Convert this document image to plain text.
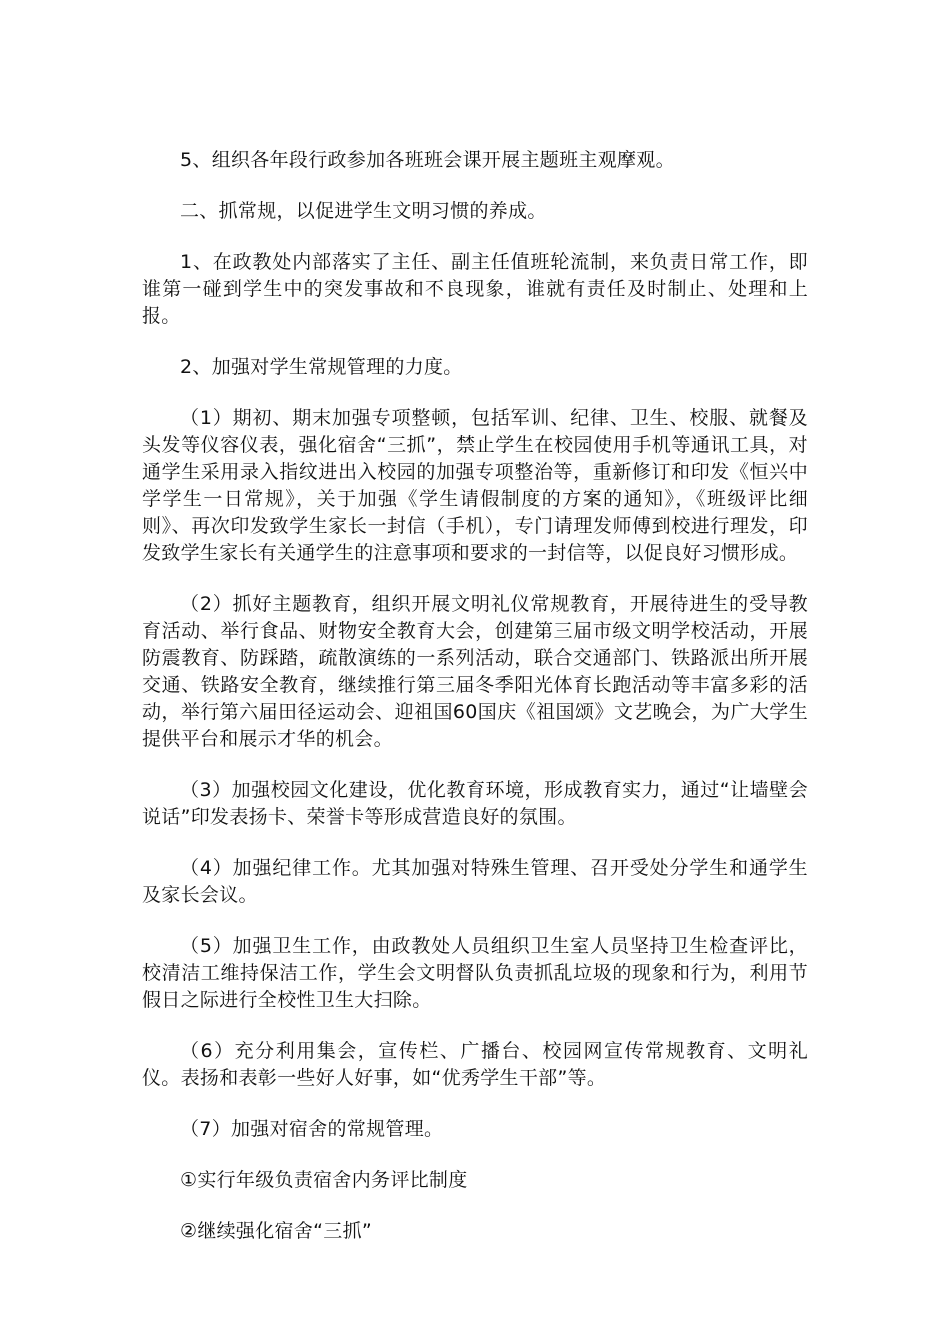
5、组织各年段行政参加各班班会课开展主题班主观摩观。

二、抓常规，以促进学生文明习惯的养成。

1、在政教处内部落实了主任、副主任值班轮流制，来负责日常工作，即谁第一碰到学生中的突发事故和不良现象，谁就有责任及时制止、处理和上报。

2、加强对学生常规管理的力度。

（1）期初、期末加强专项整顿，包括军训、纪律、卫生、校服、就餐及头发等仪容仪表，强化宿舍“三抓”，禁止学生在校园使用手机等通讯工具，对通学生采用录入指纹进出入校园的加强专项整治等，重新修订和印发《恒兴中学学生一日常规》，关于加强《学生请假制度的方案的通知》，《班级评比细则》、再次印发致学生家长一封信（手机），专门请理发师傅到校进行理发，印发致学生家长有关通学生的注意事项和要求的一封信等，以促良好习惯形成。

（2）抓好主题教育，组织开展文明礼仪常规教育，开展待进生的受导教育活动、举行食品、财物安全教育大会，创建第三届市级文明学校活动，开展防震教育、防踩踏，疏散演练的一系列活动，联合交通部门、铁路派出所开展交通、铁路安全教育，继续推行第三届冬季阳光体育长跑活动等丰富多彩的活动，举行第六届田径运动会、迎祖国60国庆《祖国颂》文艺晚会，为广大学生提供平台和展示才华的机会。

（3）加强校园文化建设，优化教育环境，形成教育实力，通过“让墙壁会说话”印发表扬卡、荣誉卡等形成营造良好的氛围。

（4）加强纪律工作。尤其加强对特殊生管理、召开受处分学生和通学生及家长会议。

（5）加强卫生工作，由政教处人员组织卫生室人员坚持卫生检查评比，校清洁工维持保洁工作，学生会文明督队负责抓乱垃圾的现象和行为，利用节假日之际进行全校性卫生大扫除。

（6）充分利用集会，宣传栏、广播台、校园网宣传常规教育、文明礼仪。表扬和表彰一些好人好事，如“优秀学生干部”等。

（7）加强对宿舍的常规管理。

①实行年级负责宿舍内务评比制度

②继续强化宿舍“三抓”
